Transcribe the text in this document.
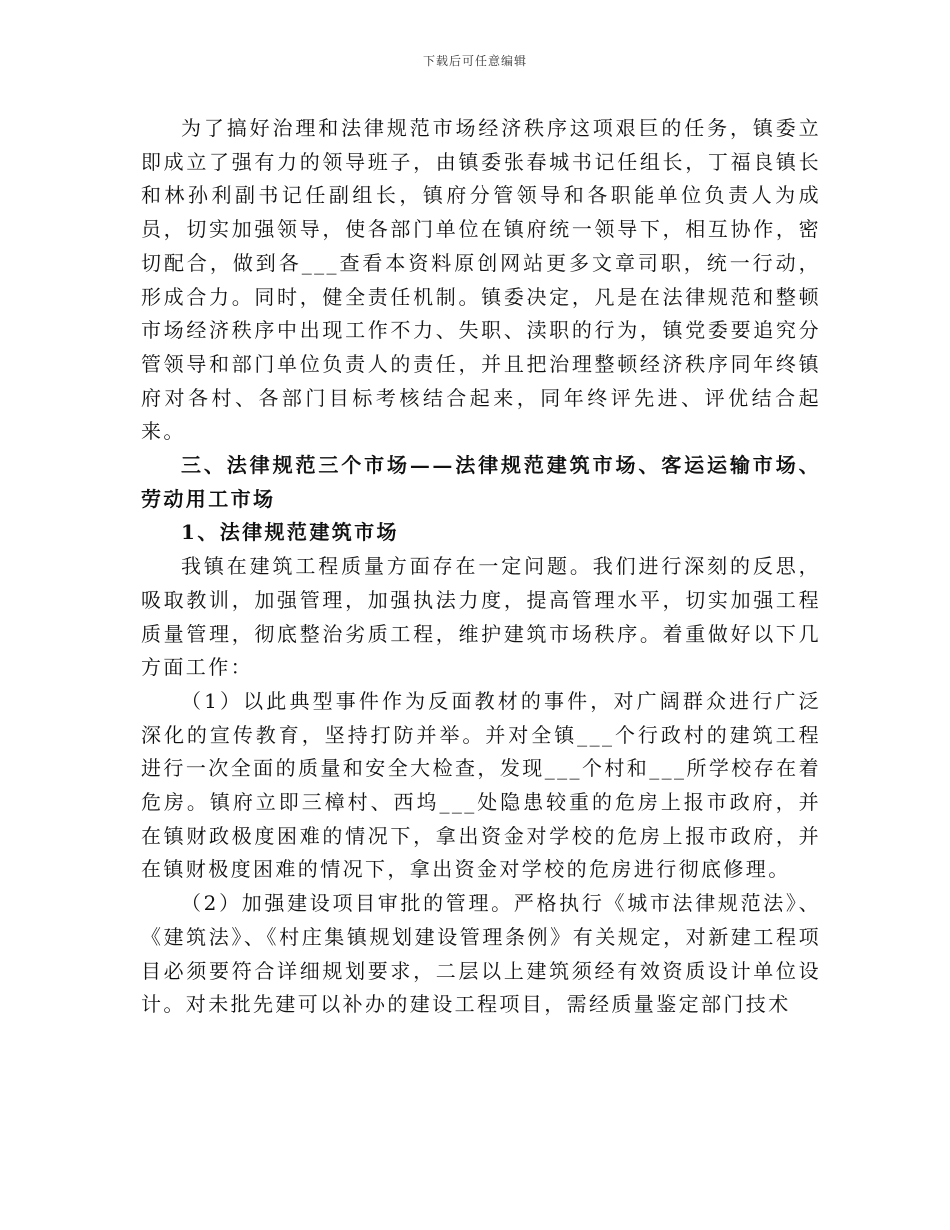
下载后可任意编辑

为了搞好治理和法律规范市场经济秩序这项艰巨的任务，镇委立即成立了强有力的领导班子，由镇委张春城书记任组长，丁福良镇长和林孙利副书记任副组长，镇府分管领导和各职能单位负责人为成员，切实加强领导，使各部门单位在镇府统一领导下，相互协作，密切配合，做到各___查看本资料原创网站更多文章司职，统一行动，形成合力。同时，健全责任机制。镇委决定，凡是在法律规范和整顿市场经济秩序中出现工作不力、失职、渎职的行为，镇党委要追究分管领导和部门单位负责人的责任，并且把治理整顿经济秩序同年终镇府对各村、各部门目标考核结合起来，同年终评先进、评优结合起来。

三、法律规范三个市场——法律规范建筑市场、客运运输市场、劳动用工市场

1、法律规范建筑市场

我镇在建筑工程质量方面存在一定问题。我们进行深刻的反思，吸取教训，加强管理，加强执法力度，提高管理水平，切实加强工程质量管理，彻底整治劣质工程，维护建筑市场秩序。着重做好以下几方面工作：

（1）以此典型事件作为反面教材的事件，对广阔群众进行广泛深化的宣传教育，坚持打防并举。并对全镇___个行政村的建筑工程进行一次全面的质量和安全大检查，发现___个村和___所学校存在着危房。镇府立即三樟村、西坞___处隐患较重的危房上报市政府，并在镇财政极度困难的情况下，拿出资金对学校的危房上报市政府，并在镇财极度困难的情况下，拿出资金对学校的危房进行彻底修理。

（2）加强建设项目审批的管理。严格执行《城市法律规范法》、《建筑法》、《村庄集镇规划建设管理条例》有关规定，对新建工程项目必须要符合详细规划要求，二层以上建筑须经有效资质设计单位设计。对未批先建可以补办的建设工程项目，需经质量鉴定部门技术
